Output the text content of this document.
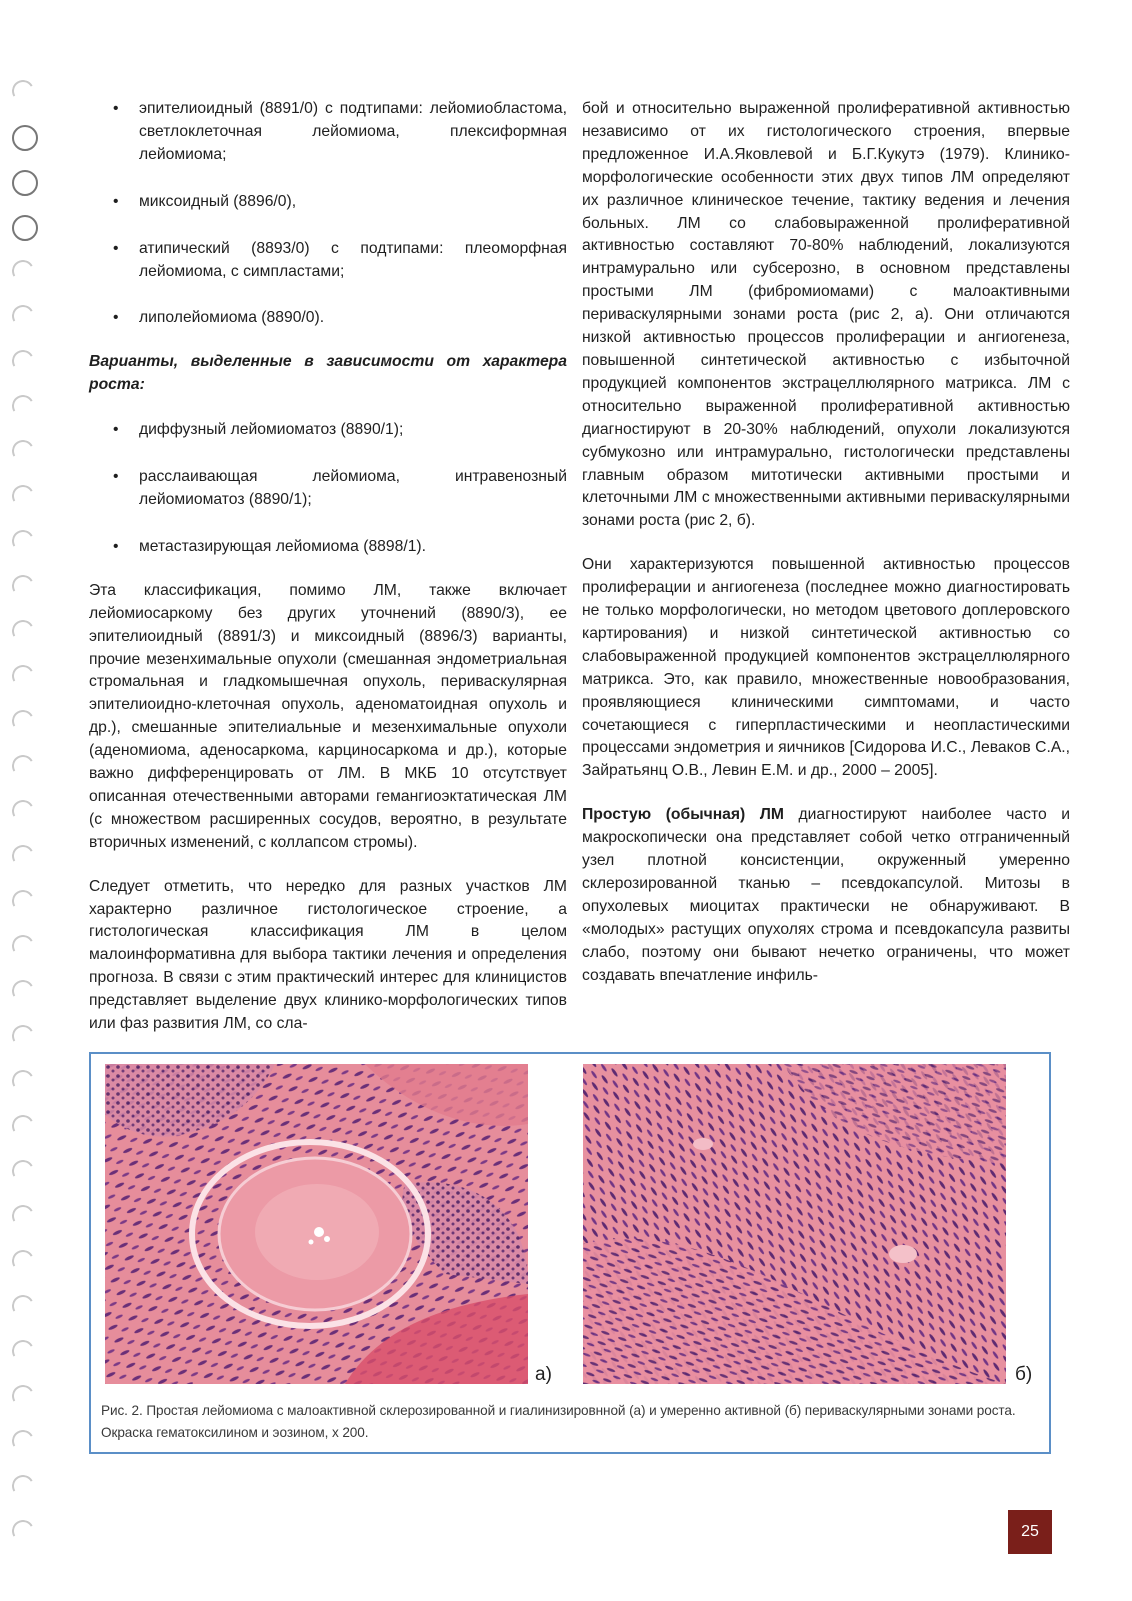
• эпителиоидный (8891/0) с подтипами: лейомиобластома, светлоклеточная лейомиома, плексиформная лейомиома;
• миксоидный (8896/0),
• атипический (8893/0) с подтипами: плеоморфная лейомиома, с симпластами;
• липолейомиома (8890/0).
Варианты, выделенные в зависимости от характера роста:
• диффузный лейомиоматоз (8890/1);
• расслаивающая лейомиома, интравенозный лейомиоматоз (8890/1);
• метастазирующая лейомиома (8898/1).

Эта классификация, помимо ЛМ, также включает лейомиосаркому без других уточнений (8890/3), ее эпителиоидный (8891/3) и миксоидный (8896/3) варианты, прочие мезенхимальные опухоли (смешанная эндометриальная стромальная и гладкомышечная опухоль, периваскулярная эпителиоидно-клеточная опухоль, аденоматоидная опухоль и др.), смешанные эпителиальные и мезенхимальные опухоли (аденомиома, аденосаркома, карциносаркома и др.), которые важно дифференцировать от ЛМ. В МКБ 10 отсутствует описанная отечественными авторами гемангиоэктатическая ЛМ (с множеством расширенных сосудов, вероятно, в результате вторичных изменений, с коллапсом стромы).

Следует отметить, что нередко для разных участков ЛМ характерно различное гистологическое строение, а гистологическая классификация ЛМ в целом малоинформативна для выбора тактики лечения и определения прогноза. В связи с этим практический интерес для клиницистов представляет выделение двух клинико-морфологических типов или фаз развития ЛМ, со сла-

бой и относительно выраженной пролиферативной активностью независимо от их гистологического строения, впервые предложенное И.А.Яковлевой и Б.Г.Кукутэ (1979). Клинико-морфологические особенности этих двух типов ЛМ определяют их различное клиническое течение, тактику ведения и лечения больных. ЛМ со слабовыраженной пролиферативной активностью составляют 70-80% наблюдений, локализуются интрамурально или субсерозно, в основном представлены простыми ЛМ (фибромиомами) с малоактивными периваскулярными зонами роста (рис 2, а). Они отличаются низкой активностью процессов пролиферации и ангиогенеза, повышенной синтетической активностью с избыточной продукцией компонентов экстрацеллюлярного матрикса. ЛМ с относительно выраженной пролиферативной активностью диагностируют в 20-30% наблюдений, опухоли локализуются субмукозно или интрамурально, гистологически представлены главным образом митотически активными простыми и клеточными ЛМ с множественными активными периваскулярными зонами роста (рис 2, б).

Они характеризуются повышенной активностью процессов пролиферации и ангиогенеза (последнее можно диагностировать не только морфологически, но методом цветового доплеровского картирования) и низкой синтетической активностью со слабовыраженной продукцией компонентов экстрацеллюлярного матрикса. Это, как правило, множественные новообразования, проявляющиеся клиническими симптомами, и часто сочетающиеся с гиперпластическими и неопластическими процессами эндометрия и яичников [Сидорова И.С., Леваков С.А., Зайратьянц О.В., Левин Е.М. и др., 2000 – 2005].

Простую (обычная) ЛМ диагностируют наиболее часто и макроскопически она представляет собой четко отграниченный узел плотной консистенции, окруженный умеренно склерозированной тканью – псевдокапсулой. Митозы в опухолевых миоцитах практически не обнаруживают. В «молодых» растущих опухолях строма и псевдокапсула развиты слабо, поэтому они бывают нечетко ограничены, что может создавать впечатление инфиль-

а)	б)
Рис. 2. Простая лейомиома с малоактивной склерозированной и гиалинизировнной (а) и умеренно активной (б) периваскулярными зонами роста. Окраска гематоксилином и эозином, х 200.
25
